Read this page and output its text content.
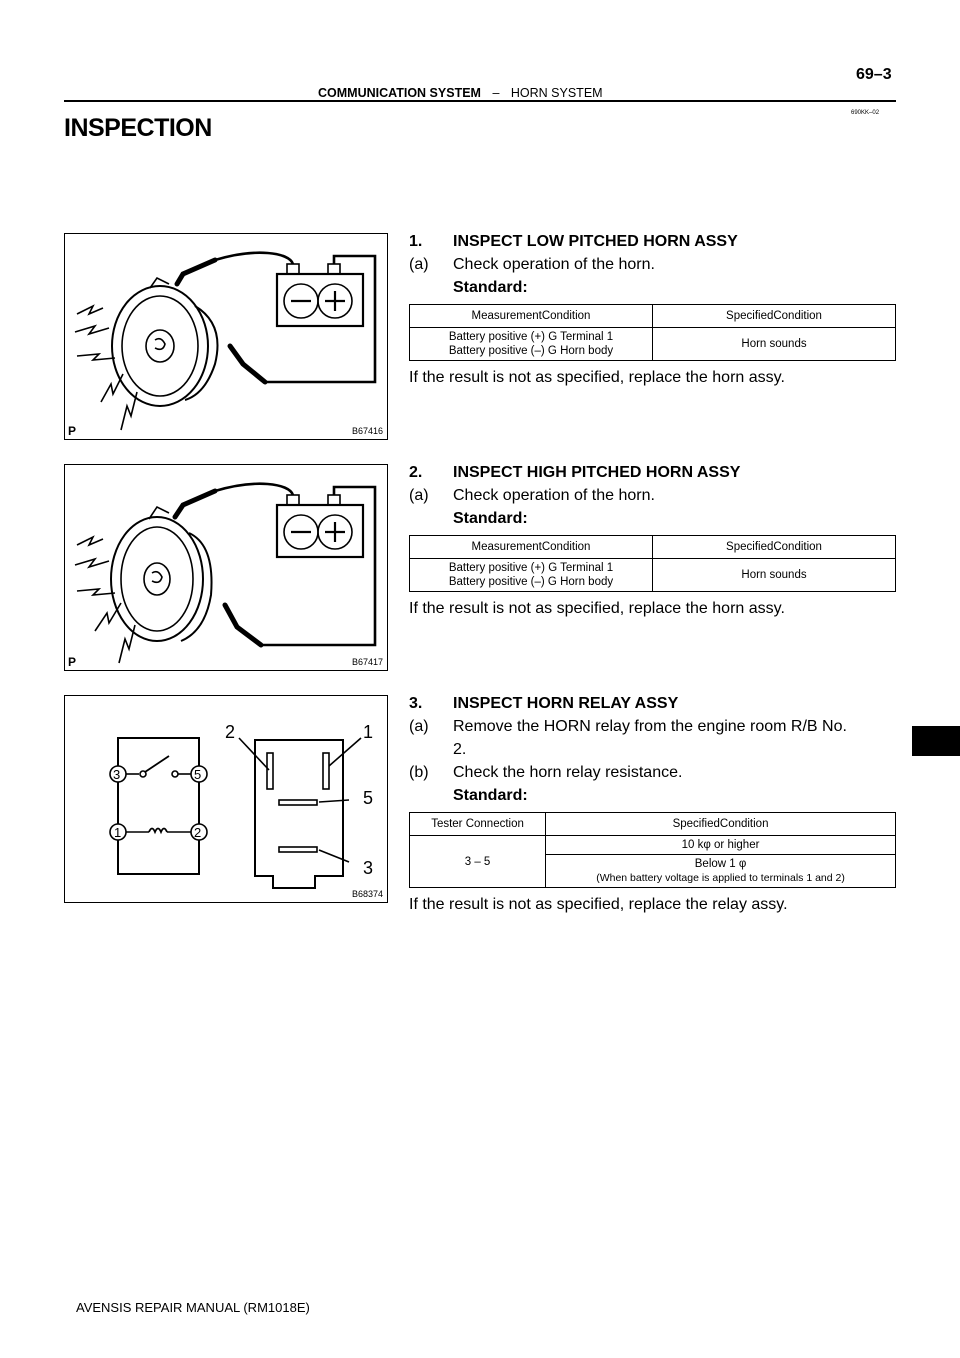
COMMUNICATION SYSTEM – HORN SYSTEM
69–3
690KK–02
INSPECTION
P	B67416
P	B67417
2	1
5
3
3	5
1	2
B68374
1. INSPECT LOW PITCHED HORN ASSY
(a) Check operation of the horn.
Standard:
MeasurementCondition	SpecifiedCondition

Battery positive (+) G Terminal 1
Battery positive (–) G Horn body	Horn sounds
If the result is not as specified, replace the horn assy.
2. INSPECT HIGH PITCHED HORN ASSY
(a) Check operation of the horn.
Standard:
MeasurementCondition	SpecifiedCondition

Battery positive (+) G Terminal 1
Battery positive (–) G Horn body	Horn sounds
If the result is not as specified, replace the horn assy.
3. INSPECT HORN RELAY ASSY
(a) Remove the HORN relay from the engine room R/B No.
2.
(b) Check the horn relay resistance.
Standard:
Tester Connection	SpecifiedCondition
3 – 5	10 kφ or higher

	Below 1 φ
(When battery voltage is applied to terminals 1 and 2)
If the result is not as specified, replace the relay assy.
AVENSIS REPAIR MANUAL (RM1018E)
